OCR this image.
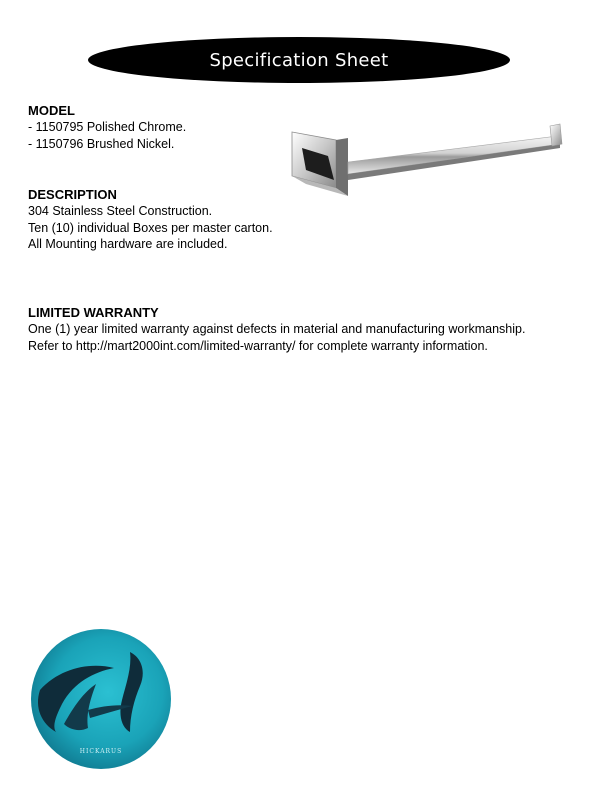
Specification Sheet
MODEL
- 1150795 Polished Chrome.
- 1150796 Brushed Nickel.
DESCRIPTION
304 Stainless Steel Construction.
Ten (10) individual Boxes per master carton.
All Mounting hardware are included.
LIMITED WARRANTY
One (1) year limited warranty against defects in material and manufacturing workmanship.
Refer to http://mart2000int.com/limited-warranty/ for complete warranty information.
HICKARUS
